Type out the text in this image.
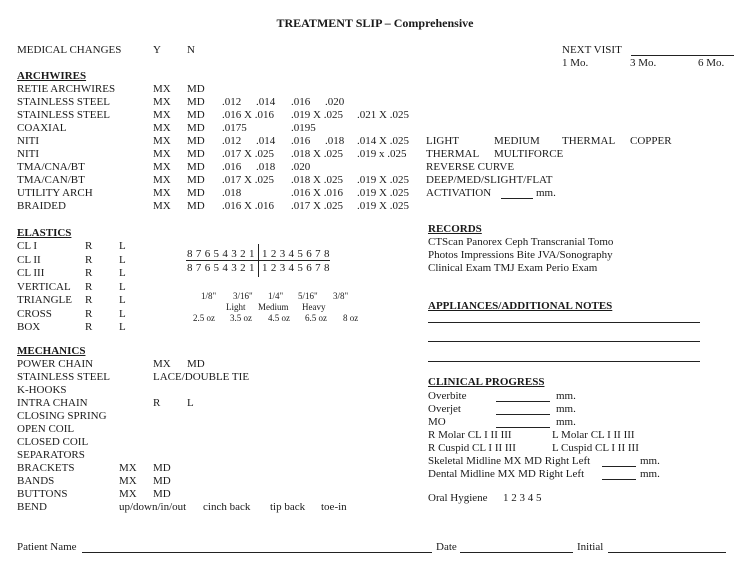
TREATMENT SLIP – Comprehensive
MEDICAL CHANGES	Y N	NEXT VISIT
1 Mo.	3 Mo.	6 Mo.
ARCHWIRES
RETIE ARCHWIRES	MX MD
STAINLESS STEEL	MX MD .012 .014 .016 .020
STAINLESS STEEL	MX MD .016 X .016 .019 X .025 .021 X .025
COAXIAL	MX MD .0175	.0195
NITI	MX MD .012 .014 .016 .018 .014 X .025 LIGHT	MEDIUM THERMAL COPPER
NITI	MX MD .017 X .025 .018 X .025 .019 x .025 THERMAL MULTIFORCE
TMA/CNA/BT	MX MD .016 .018 .020	REVERSE CURVE
TMA/CAN/BT	MX MD .017 X .025 .018 X .025 .019 X .025 DEEP/MED/SLIGHT/FLAT
UTILITY ARCH	MX MD .018	.016 X .016 .019 X .025 ACTIVATION	mm.
BRAIDED	MX MD .016 X .016 .017 X .025 .019 X .025
ELASTICS
CL I	R L
CL II	R L
CL III	R L
VERTICAL R L
TRIANGLE R L
CROSS	R L
BOX	R L
8 7 6 5 4 3 2 1 1 2 3 4 5 6 7 8
8 7 6 5 4 3 2 1 1 2 3 4 5 6 7 8
1/8" 3/16" 1/4" 5/16" 3/8"
Light Medium Heavy
2.5 oz 3.5 oz 4.5 oz 6.5 oz 8 oz
MECHANICS
POWER CHAIN	MX MD
STAINLESS STEEL	LACE/DOUBLE TIE
K-HOOKS
INTRA CHAIN	R L
CLOSING SPRING
OPEN COIL
CLOSED COIL
SEPARATORS
BRACKETS	MX MD
BANDS	MX MD
BUTTONS	MX MD
BEND	up/down/in/out cinch back tip back toe-in
RECORDS
CTScan Panorex Ceph Transcranial Tomo
Photos Impressions Bite JVA/Sonography
Clinical Exam TMJ Exam Perio Exam
APPLIANCES/ADDITIONAL NOTES
CLINICAL PROGRESS
Overbite	mm.
Overjet	mm.
MO	mm.
R Molar CL I II III	L Molar CL I II III
R Cuspid CL I II III	L Cuspid CL I II III
Skeletal Midline MX MD Right Left	mm.
Dental Midline MX MD Right Left	mm.
Oral Hygiene 1 2 3 4 5
Patient Name	Date	Initial
